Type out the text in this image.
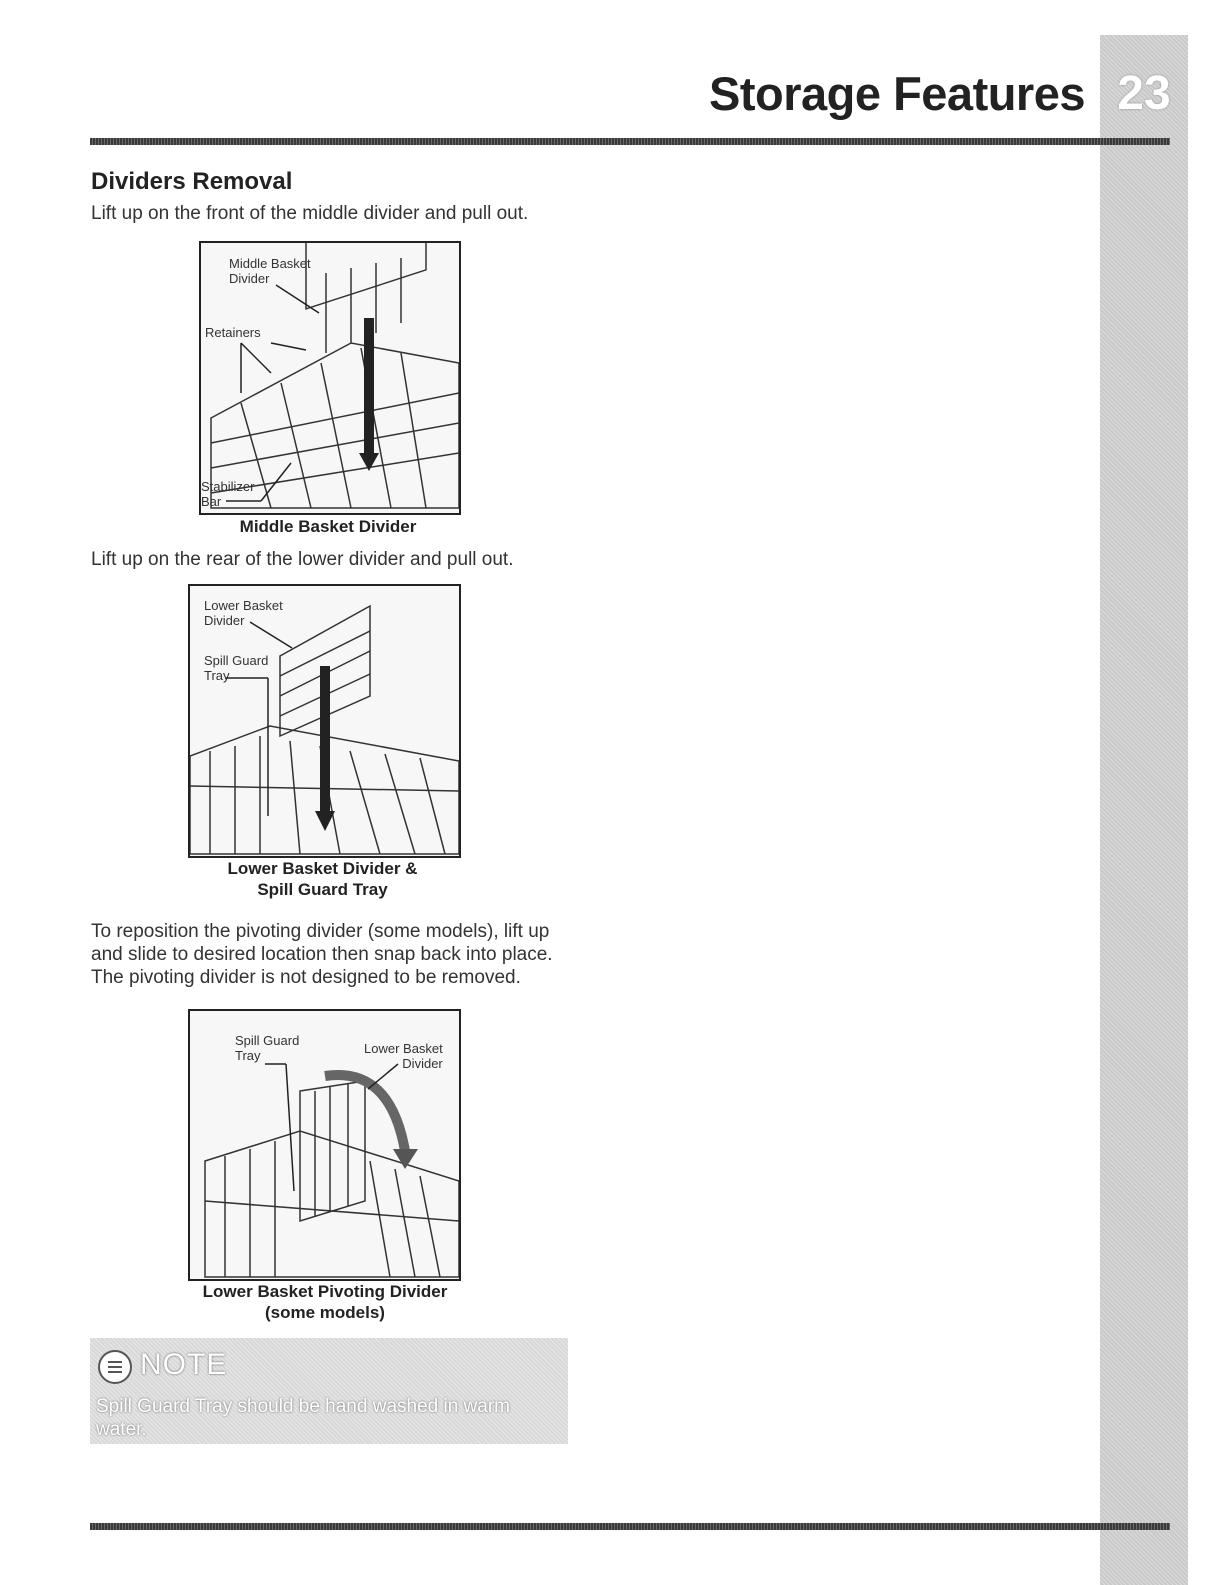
Storage Features 23
Dividers Removal
Lift up on the front of the middle divider and pull out.
Middle Basket
Divider
Retainers
Stabilizer
Bar
Middle Basket Divider
Lift up on the rear of the lower divider and pull out.
Lower Basket
Divider
Spill Guard
Tray
Lower Basket Divider &
Spill Guard Tray
To reposition the pivoting divider (some models), lift up and slide to desired location then snap back into place. The pivoting divider is not designed to be removed.
Spill Guard
Tray	Lower Basket
Divider
Lower Basket Pivoting Divider
(some models)
NOTE
Spill Guard Tray should be hand washed in warm water.
